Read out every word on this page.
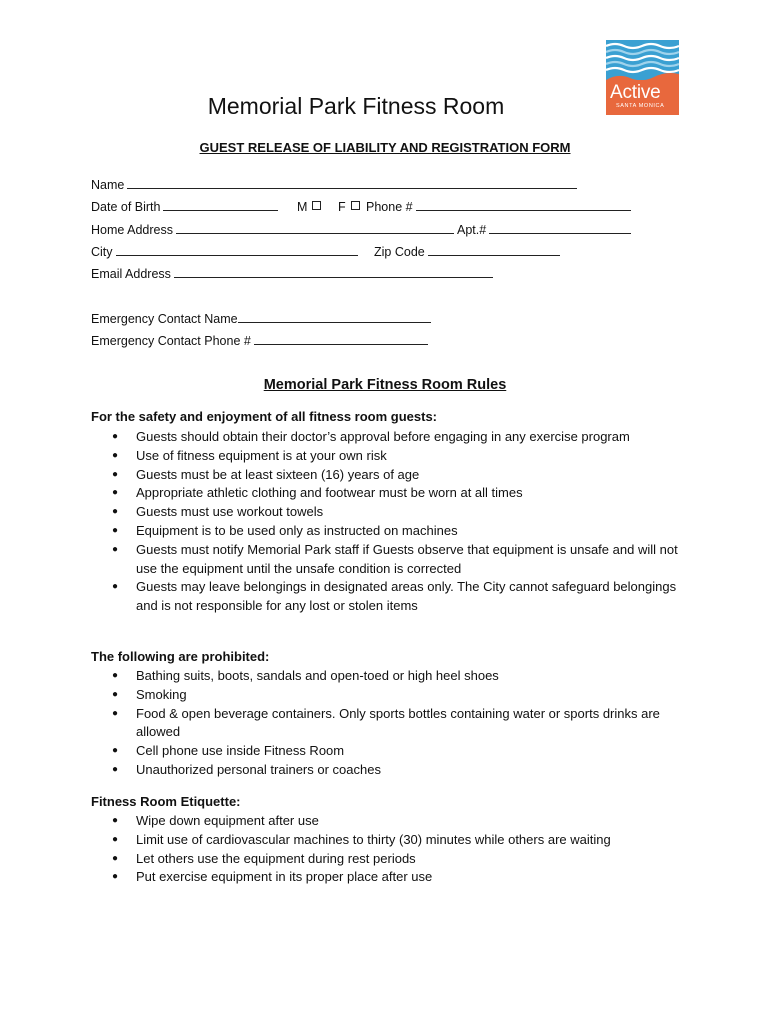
Active
SANTA MONICA
Memorial Park Fitness Room
GUEST RELEASE OF LIABILITY AND REGISTRATION FORM
Name
Date of Birth	M	F	Phone #
Home Address	Apt.#
City	Zip Code
Email Address
Emergency Contact Name
Emergency Contact Phone #
Memorial Park Fitness Room Rules
For the safety and enjoyment of all fitness room guests:
● Guests should obtain their doctor’s approval before engaging in any exercise program
● Use of fitness equipment is at your own risk
● Guests must be at least sixteen (16) years of age
● Appropriate athletic clothing and footwear must be worn at all times
● Guests must use workout towels
● Equipment is to be used only as instructed on machines
● Guests must notify Memorial Park staff if Guests observe that equipment is unsafe and will not use the equipment until the unsafe condition is corrected
● Guests may leave belongings in designated areas only. The City cannot safeguard belongings and is not responsible for any lost or stolen items
The following are prohibited:
● Bathing suits, boots, sandals and open-toed or high heel shoes
● Smoking
● Food & open beverage containers. Only sports bottles containing water or sports drinks are allowed
● Cell phone use inside Fitness Room
● Unauthorized personal trainers or coaches
Fitness Room Etiquette:
● Wipe down equipment after use
● Limit use of cardiovascular machines to thirty (30) minutes while others are waiting
● Let others use the equipment during rest periods
● Put exercise equipment in its proper place after use
